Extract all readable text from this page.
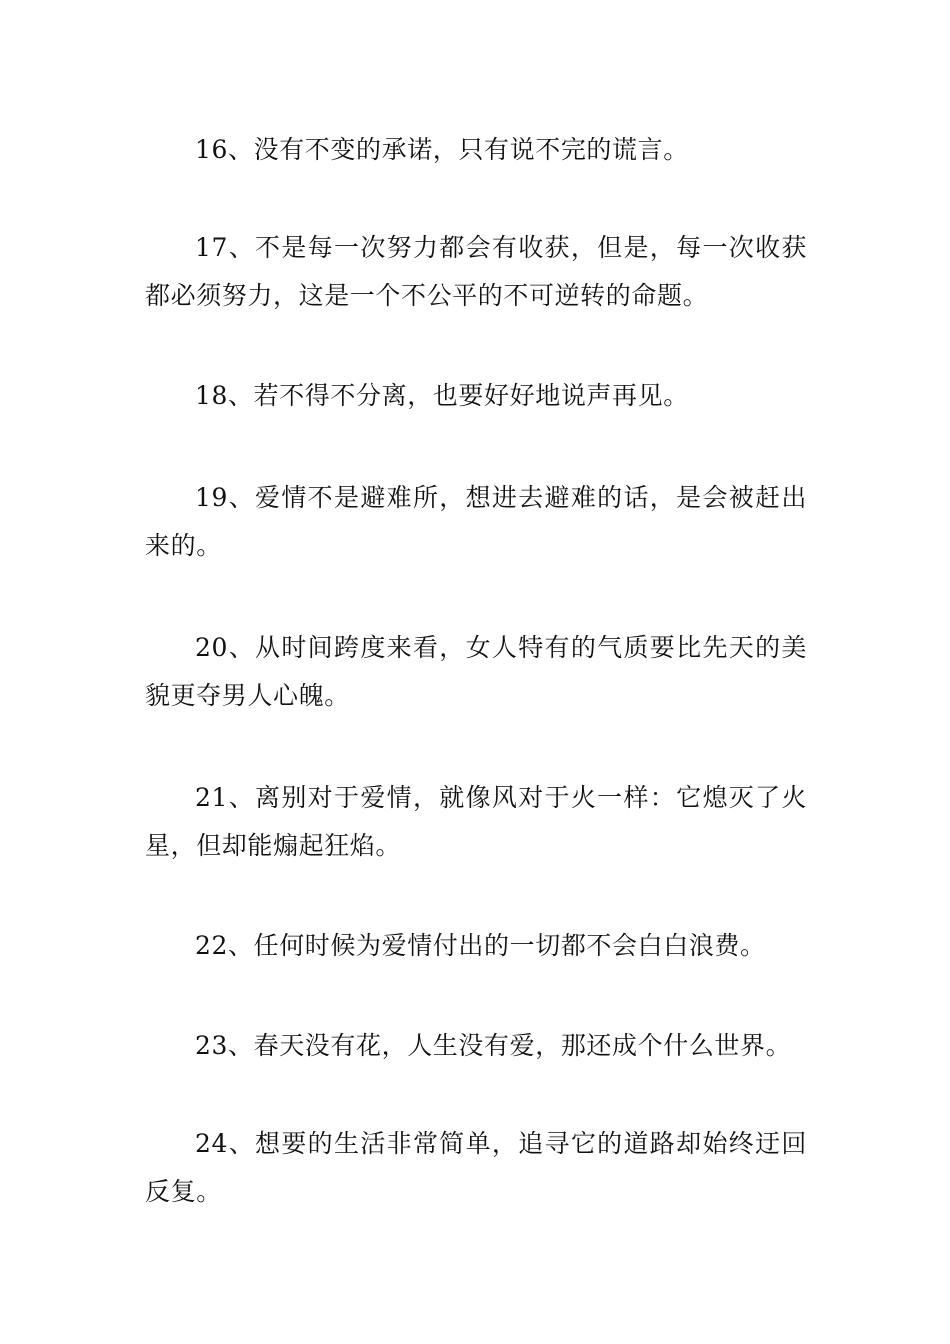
16、没有不变的承诺，只有说不完的谎言。

17、不是每一次努力都会有收获，但是，每一次收获都必须努力，这是一个不公平的不可逆转的命题。

18、若不得不分离，也要好好地说声再见。

19、爱情不是避难所，想进去避难的话，是会被赶出来的。

20、从时间跨度来看，女人特有的气质要比先天的美貌更夺男人心魄。

21、离别对于爱情，就像风对于火一样：它熄灭了火星，但却能煽起狂焰。

22、任何时候为爱情付出的一切都不会白白浪费。

23、春天没有花，人生没有爱，那还成个什么世界。

24、想要的生活非常简单，追寻它的道路却始终迂回反复。
